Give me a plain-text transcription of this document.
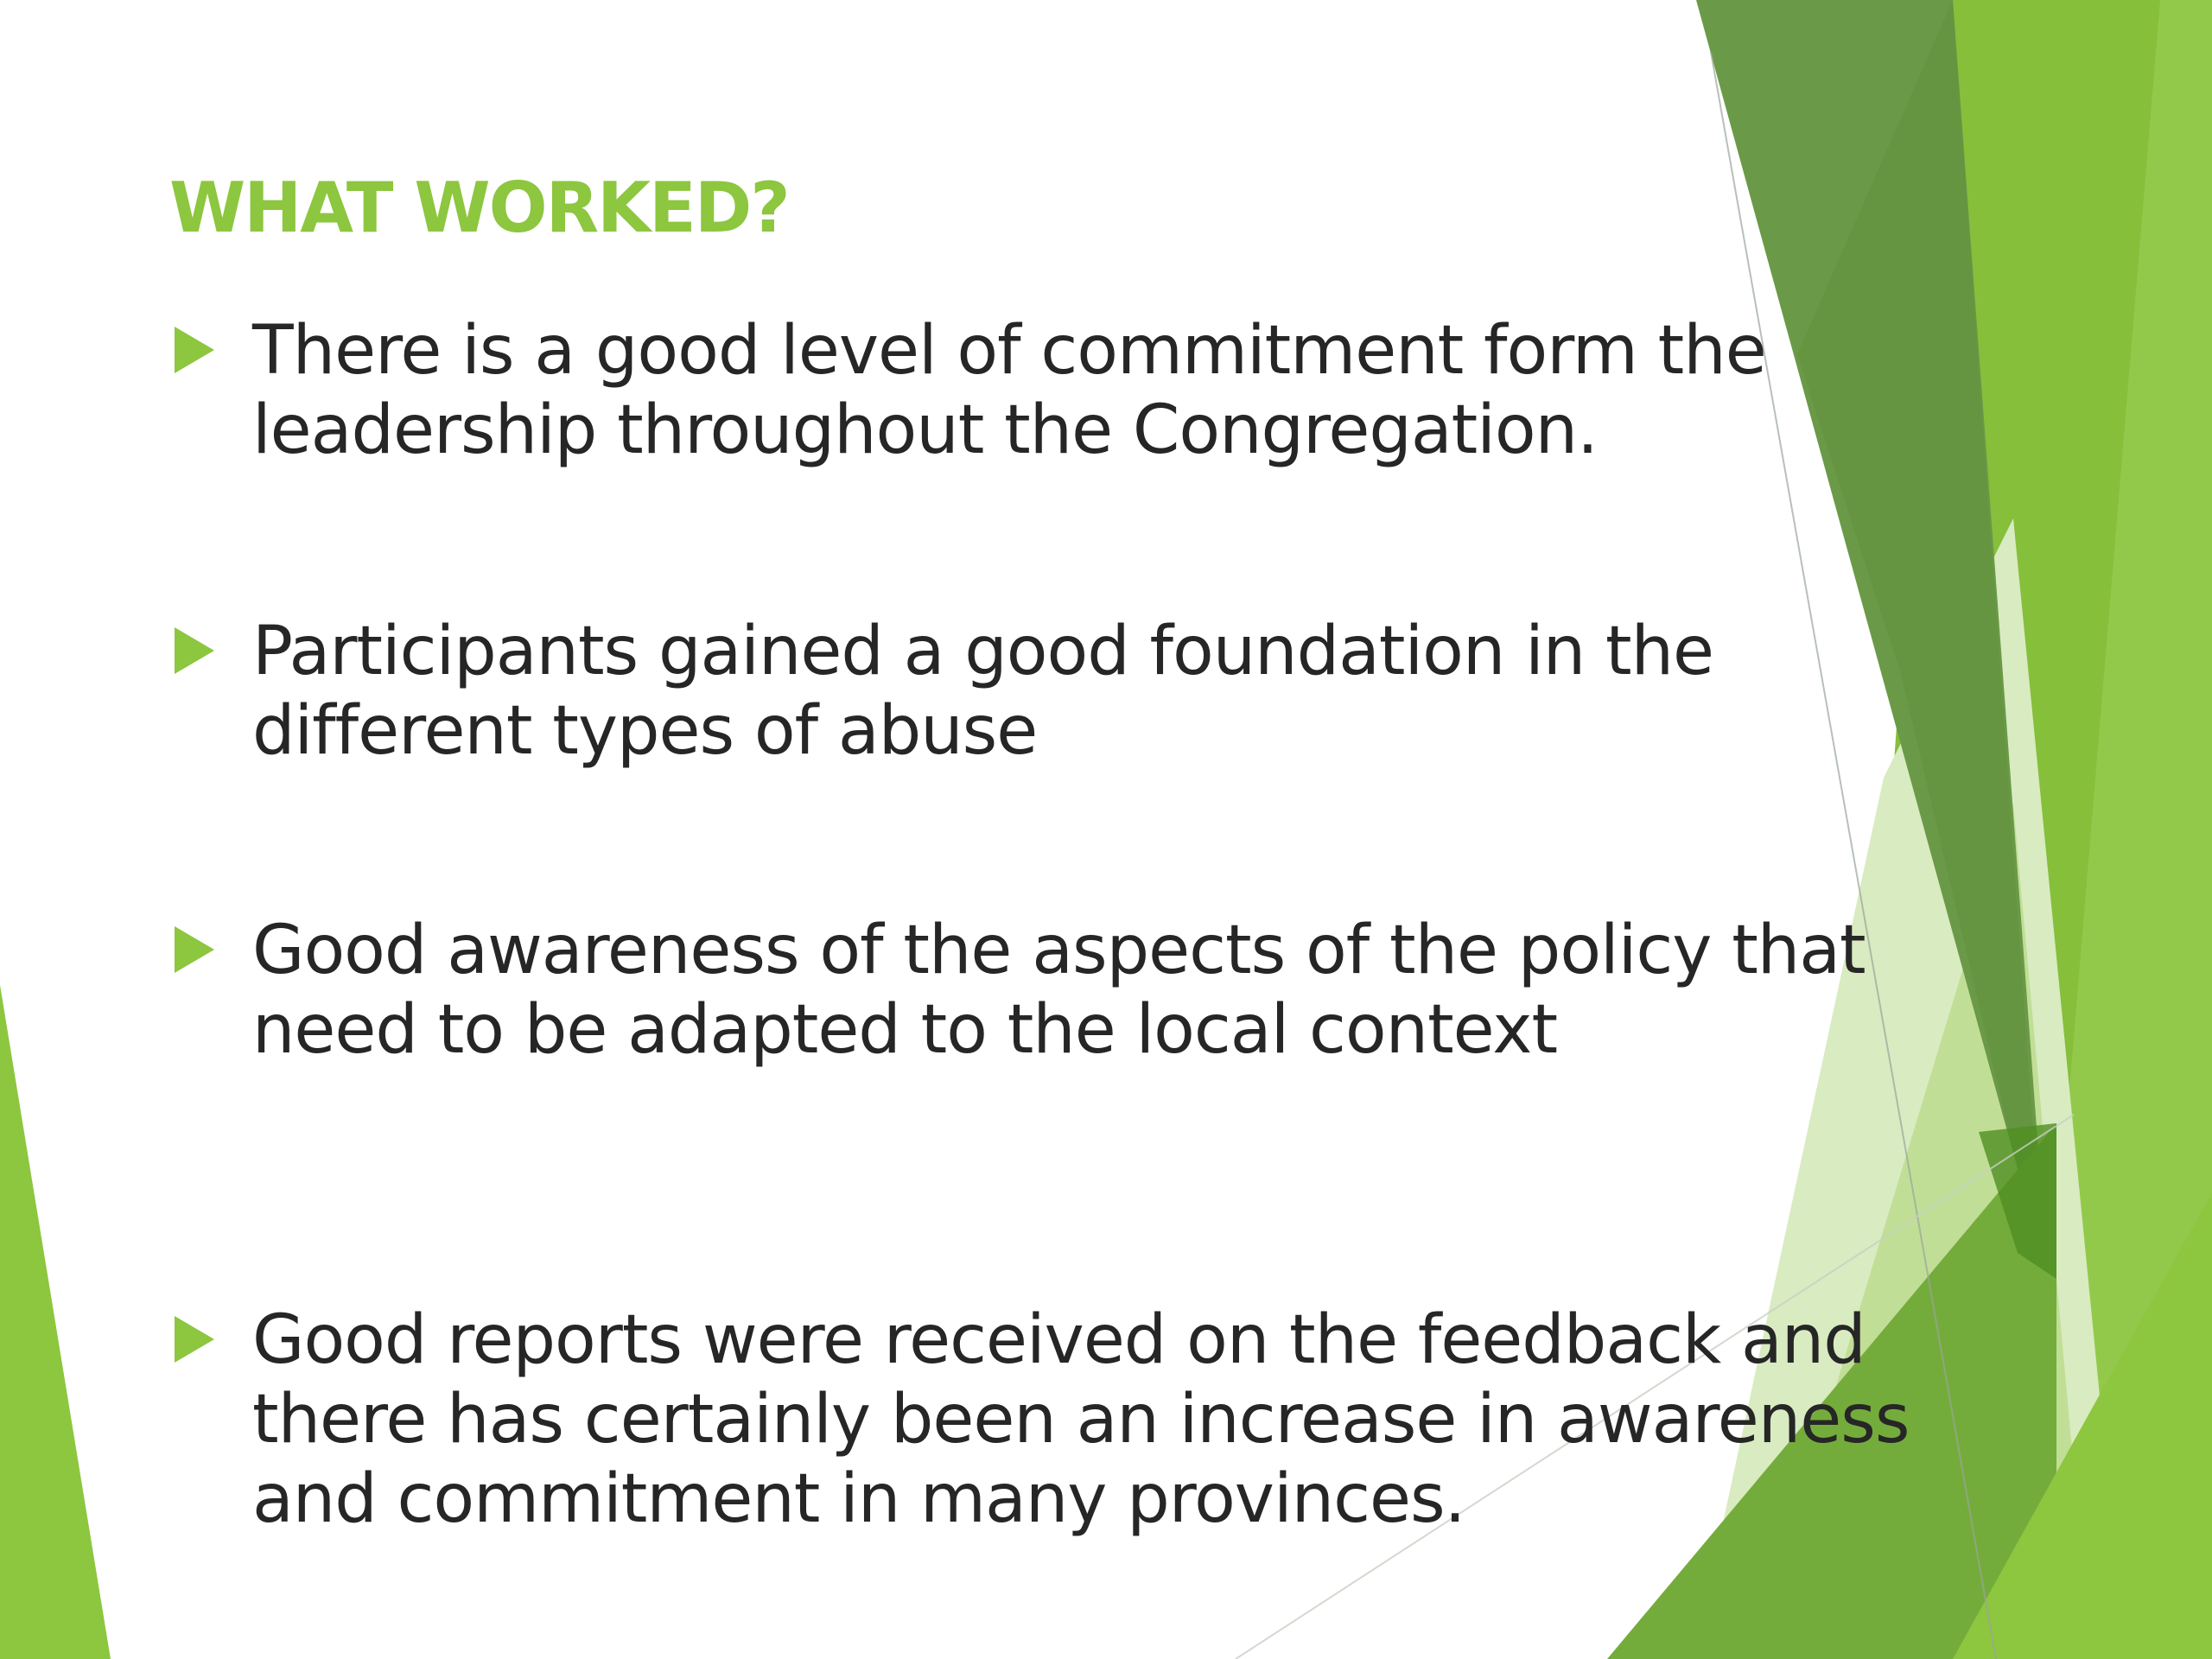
WHAT WORKED?
There is a good level of commitment form the
leadership throughout the Congregation.
Participants gained a good foundation in the
different types of abuse
Good awareness of the aspects of the policy that
need to be adapted to the local context
Good reports were received on the feedback and
there has certainly been an increase in awareness
and commitment in many provinces.
